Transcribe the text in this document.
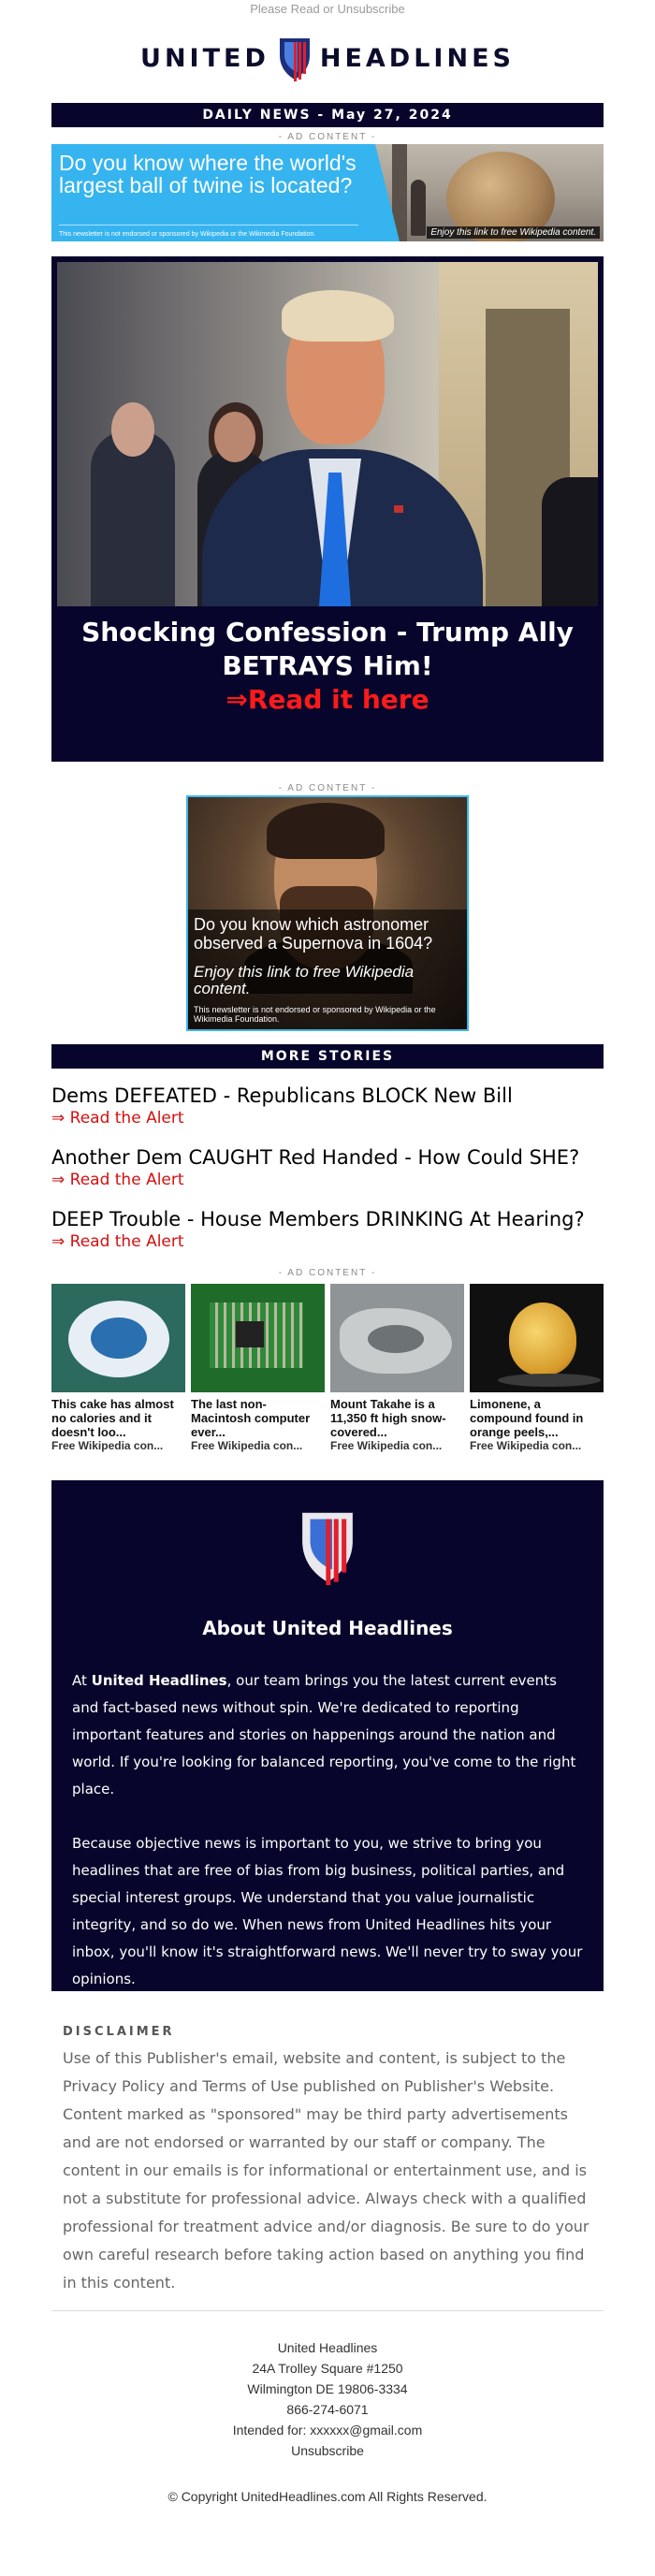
Please Read or Unsubscribe
UNITED HEADLINES
DAILY NEWS - May 27, 2024
- AD CONTENT -
Do you know where the world's largest ball of twine is located?
This newsletter is not endorsed or sponsored by Wikipedia or the Wikimedia Foundation.	Enjoy this link to free Wikipedia content.
Shocking Confession - Trump Ally BETRAYS Him!
⇒Read it here
- AD CONTENT -
Do you know which astronomer observed a Supernova in 1604?
Enjoy this link to free Wikipedia content.
This newsletter is not endorsed or sponsored by Wikipedia or the Wikimedia Foundation.
MORE STORIES
Dems DEFEATED - Republicans BLOCK New Bill
⇒ Read the Alert
Another Dem CAUGHT Red Handed - How Could SHE?
⇒ Read the Alert
DEEP Trouble - House Members DRINKING At Hearing?
⇒ Read the Alert
- AD CONTENT -
This cake has almost no calories and it doesn't loo...
Free Wikipedia con...
The last non-Macintosh computer ever...
Free Wikipedia con...
Mount Takahe is a 11,350 ft high snow-covered...
Free Wikipedia con...
Limonene, a compound found in orange peels,...
Free Wikipedia con...
About United Headlines

At United Headlines, our team brings you the latest current events and fact-based news without spin. We're dedicated to reporting important features and stories on happenings around the nation and world. If you're looking for balanced reporting, you've come to the right place.

Because objective news is important to you, we strive to bring you headlines that are free of bias from big business, political parties, and special interest groups. We understand that you value journalistic integrity, and so do we. When news from United Headlines hits your inbox, you'll know it's straightforward news. We'll never try to sway your opinions.

DISCLAIMER

Use of this Publisher's email, website and content, is subject to the Privacy Policy and Terms of Use published on Publisher's Website. Content marked as "sponsored" may be third party advertisements and are not endorsed or warranted by our staff or company. The content in our emails is for informational or entertainment use, and is not a substitute for professional advice. Always check with a qualified professional for treatment advice and/or diagnosis. Be sure to do your own careful research before taking action based on anything you find in this content.

United Headlines
24A Trolley Square #1250
Wilmington DE 19806-3334
866-274-6071
Intended for: xxxxxx@gmail.com
Unsubscribe
© Copyright UnitedHeadlines.com All Rights Reserved.
